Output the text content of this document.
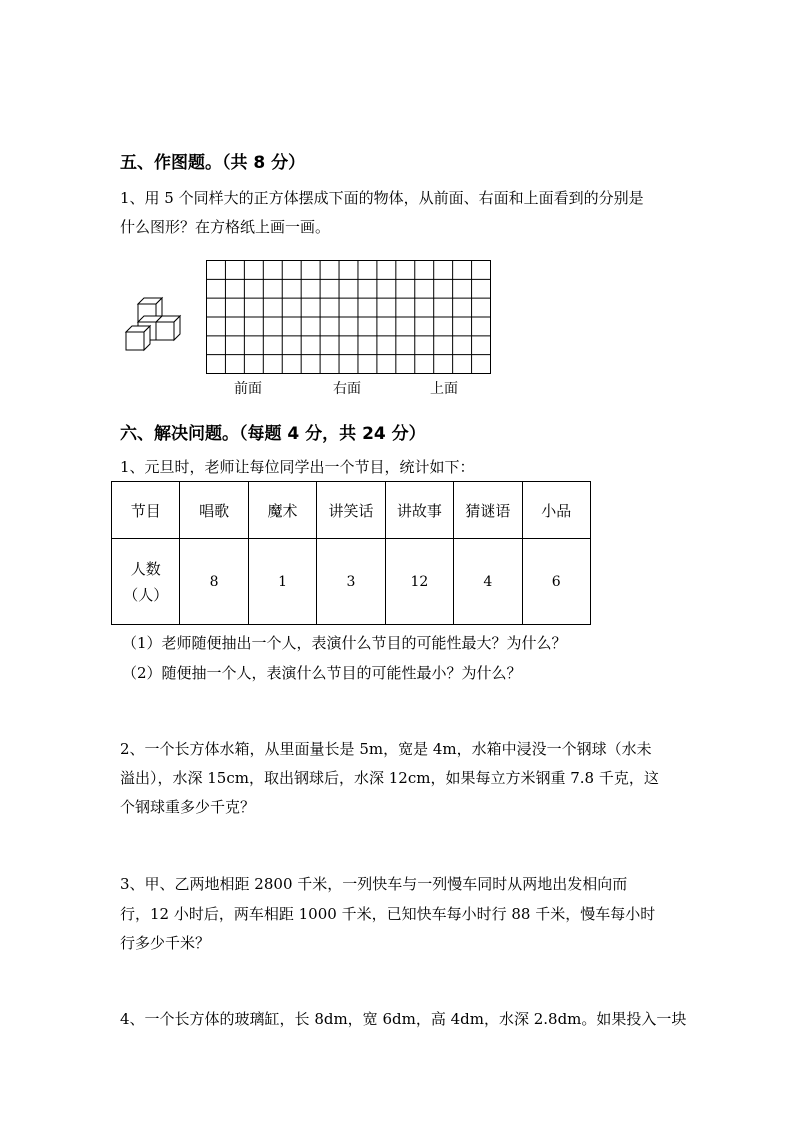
五、作图题。（共 8 分）
1、用 5 个同样大的正方体摆成下面的物体，从前面、右面和上面看到的分别是
什么图形？在方格纸上画一画。
前面	右面	上面
六、解决问题。（每题 4 分，共 24 分）
1、元旦时，老师让每位同学出一个节目，统计如下：
节目	唱歌	魔术	讲笑话	讲故事	猜谜语	小品

人数
（人）	8	1	3	12	4	6
（1）老师随便抽出一个人，表演什么节目的可能性最大？为什么？
（2）随便抽一个人，表演什么节目的可能性最小？为什么？
2、一个长方体水箱，从里面量长是 5m，宽是 4m，水箱中浸没一个钢球（水未
溢出），水深 15cm，取出钢球后，水深 12cm，如果每立方米钢重 7.8 千克，这
个钢球重多少千克？
3、甲、乙两地相距 2800 千米，一列快车与一列慢车同时从两地出发相向而
行，12 小时后，两车相距 1000 千米，已知快车每小时行 88 千米，慢车每小时
行多少千米？
4、一个长方体的玻璃缸，长 8dm，宽 6dm，高 4dm，水深 2.8dm。如果投入一块
